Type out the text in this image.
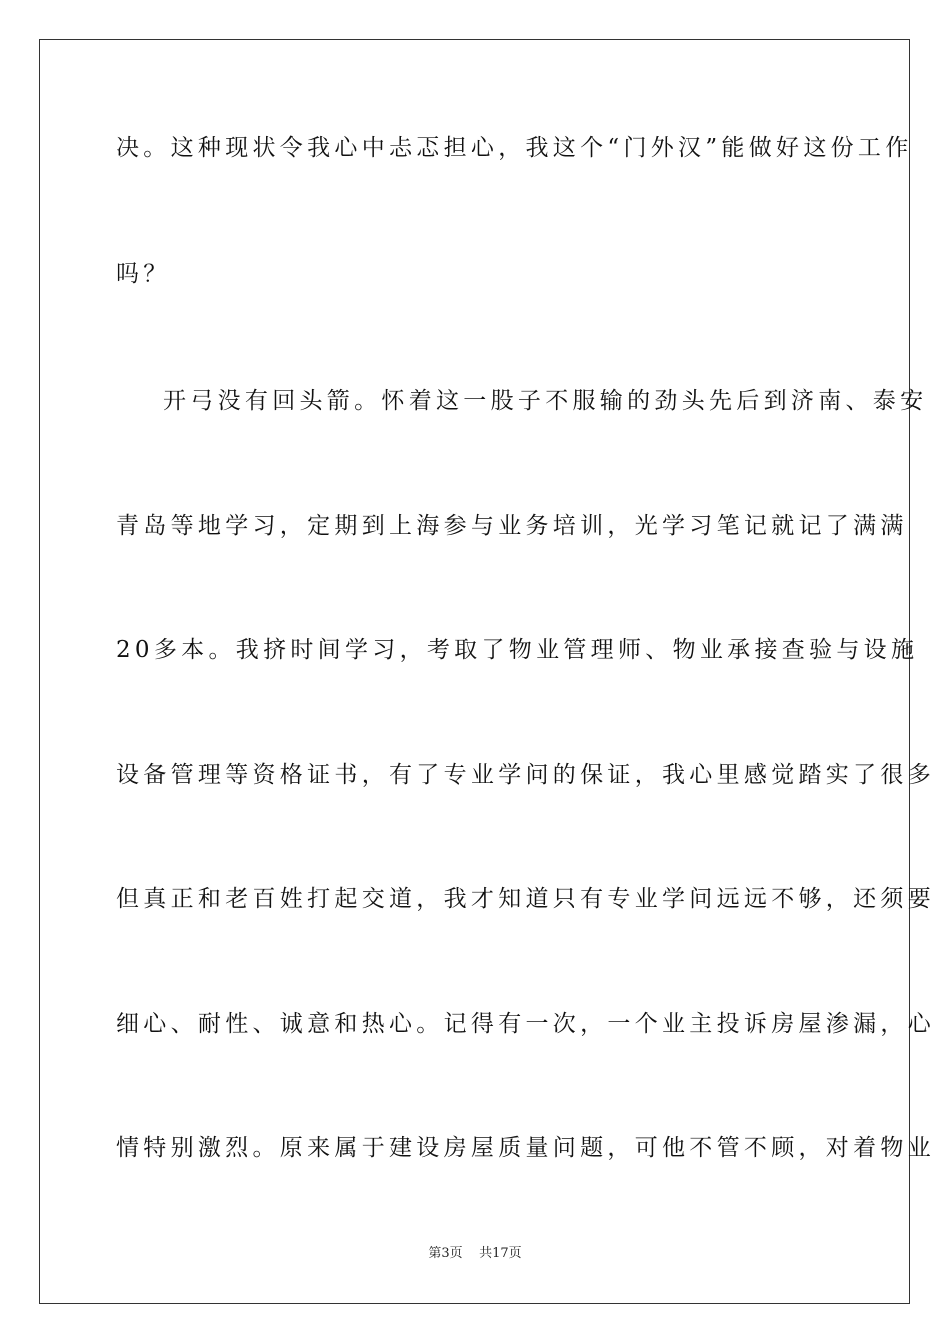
决。这种现状令我心中忐忑担心，我这个“门外汉”能做好这份工作
吗？
开弓没有回头箭。怀着这一股子不服输的劲头先后到济南、泰安
青岛等地学习，定期到上海参与业务培训，光学习笔记就记了满满
20多本。我挤时间学习，考取了物业管理师、物业承接查验与设施
设备管理等资格证书，有了专业学问的保证，我心里感觉踏实了很多
但真正和老百姓打起交道，我才知道只有专业学问远远不够，还须要
细心、耐性、诚意和热心。记得有一次，一个业主投诉房屋渗漏，心
情特别激烈。原来属于建设房屋质量问题，可他不管不顾，对着物业
第3页 共17页
